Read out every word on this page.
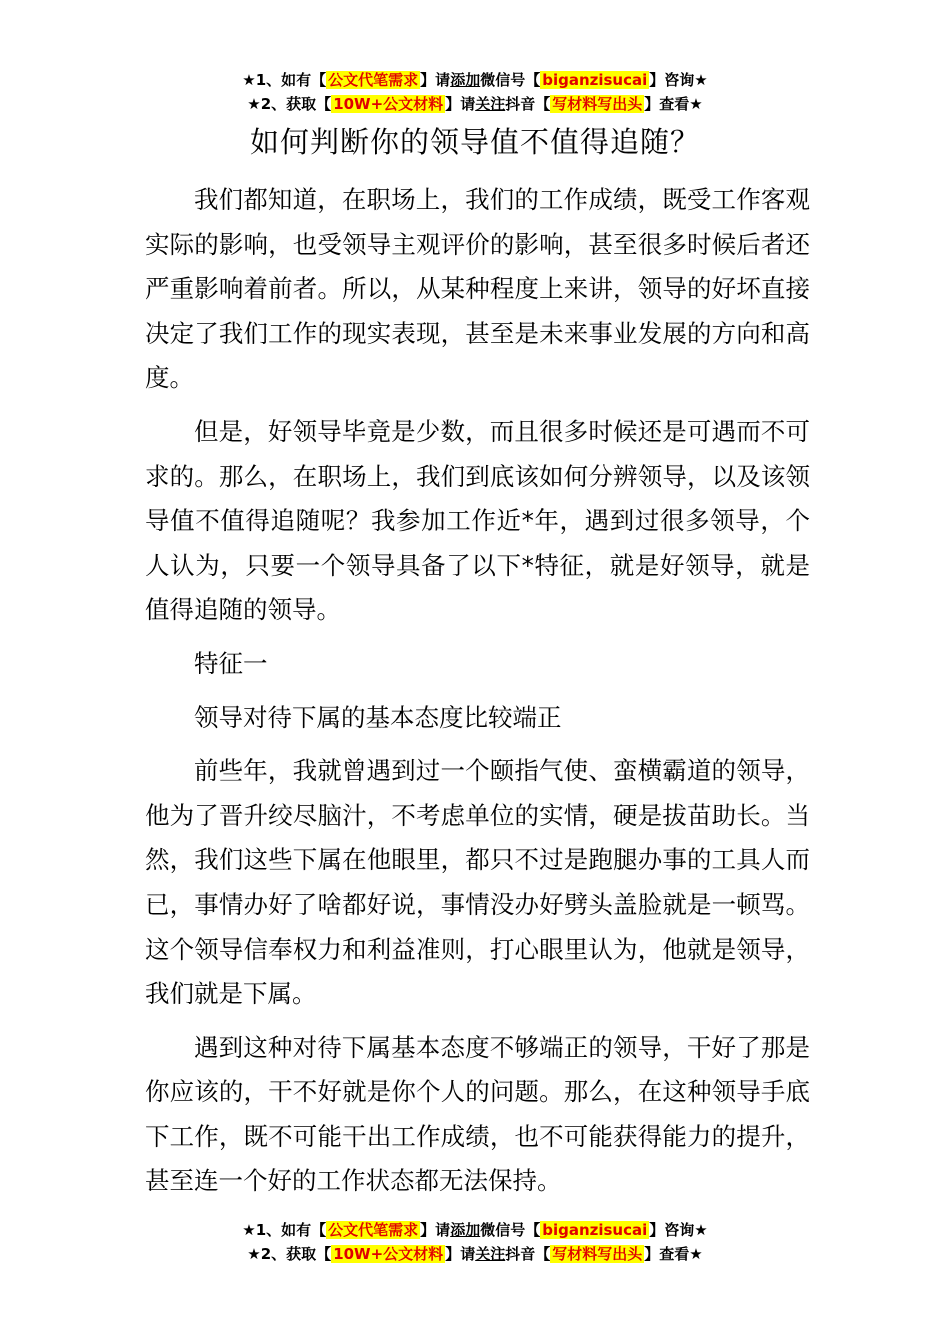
★1、如有【 公文代笔需求 】请添加微信号【 biganzisucai 】咨询★
★2、获取【 10W+公文材料 】请关注抖音【 写材料写出头 】查看★
如何判断你的领导值不值得追随？

我们都知道，在职场上，我们的工作成绩，既受工作客观实际的影响，也受领导主观评价的影响，甚至很多时候后者还严重影响着前者。所以，从某种程度上来讲，领导的好坏直接决定了我们工作的现实表现，甚至是未来事业发展的方向和高度。

但是，好领导毕竟是少数，而且很多时候还是可遇而不可求的。那么，在职场上，我们到底该如何分辨领导，以及该领导值不值得追随呢？我参加工作近*年，遇到过很多领导，个人认为，只要一个领导具备了以下*特征，就是好领导，就是值得追随的领导。

特征一

领导对待下属的基本态度比较端正

前些年，我就曾遇到过一个颐指气使、蛮横霸道的领导，他为了晋升绞尽脑汁，不考虑单位的实情，硬是拔苗助长。当然，我们这些下属在他眼里，都只不过是跑腿办事的工具人而已，事情办好了啥都好说，事情没办好劈头盖脸就是一顿骂。这个领导信奉权力和利益准则，打心眼里认为，他就是领导，我们就是下属。

遇到这种对待下属基本态度不够端正的领导，干好了那是你应该的，干不好就是你个人的问题。那么，在这种领导手底下工作，既不可能干出工作成绩，也不可能获得能力的提升，甚至连一个好的工作状态都无法保持。

★1、如有【 公文代笔需求 】请添加微信号【 biganzisucai 】咨询★
★2、获取【 10W+公文材料 】请关注抖音【 写材料写出头 】查看★
